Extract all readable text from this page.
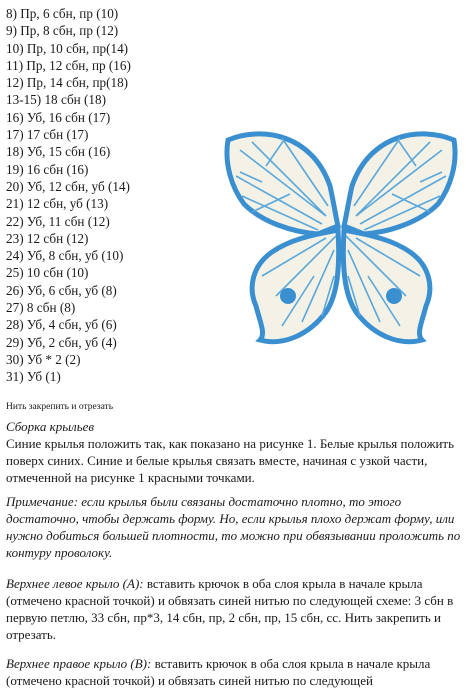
8) Пр, 6 сбн, пр (10)
9) Пр, 8 сбн, пр (12)
10) Пр, 10 сбн, пр(14)
11) Пр, 12 сбн, пр (16)
12) Пр, 14 сбн, пр(18)
13-15) 18 сбн (18)
16) Уб, 16 сбн (17)
17) 17 сбн (17)
18) Уб, 15 сбн (16)
19) 16 сбн (16)
20) Уб, 12 сбн, уб (14)
21) 12 сбн, уб (13)
22) Уб, 11 сбн (12)
23) 12 сбн (12)
24) Уб, 8 сбн, уб (10)
25) 10 сбн (10)
26) Уб, 6 сбн, уб (8)
27) 8 сбн (8)
28) Уб, 4 сбн, уб (6)
29) Уб, 2 сбн, уб (4)
30) Уб * 2 (2)
31) Уб (1)
Нить закрепить и отрезать
Сборка крыльев
Синие крылья положить так, как показано на рисунке 1. Белые крылья положить поверх синих. Синие и белые крылья связать вместе, начиная с узкой части, отмеченной на рисунке 1 красными точками.
Примечание: если крылья были связаны достаточно плотно, то этого достаточно, чтобы держать форму. Но, если крылья плохо держат форму, или нужно добиться большей плотности, то можно при обвязывании проложить по контуру проволоку.
Верхнее левое крыло (А): вставить крючок в оба слоя крыла в начале крыла (отмечено красной точкой) и обвязать синей нитью по следующей схеме: 3 сбн в первую петлю, 33 сбн, пр*3, 14 сбн, пр, 2 сбн, пр, 15 сбн, сс. Нить закрепить и отрезать.
Верхнее правое крыло (В): вставить крючок в оба слоя крыла в начале крыла (отмечено красной точкой) и обвязать синей нитью по следующей
